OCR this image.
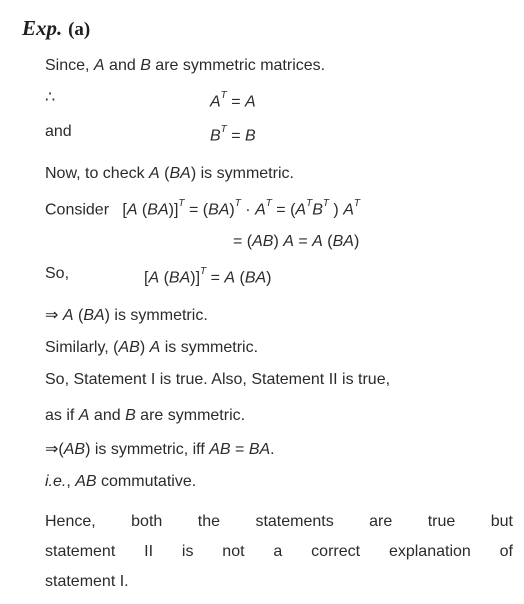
Exp. (a)
Since, A and B are symmetric matrices.
∴	$A^T = A$
and	$B^T = B$
Now, to check A (BA) is symmetric.
Consider   [A $(BA)]^T = (BA)^T \cdot A^T = (A^TB^T$ ) $A^T$
= (AB) A = A (BA)
So,	[A (BA)]$^T$ = A (BA)
⇒ A (BA) is symmetric.
Similarly, (AB) A is symmetric.
So, Statement I is true. Also, Statement II is true,
as if A and B are symmetric.
⇒(AB) is symmetric, iff AB = BA.
i.e., AB commutative.
Hence, both the statements are true but
statement II is not a correct explanation of
statement I.
